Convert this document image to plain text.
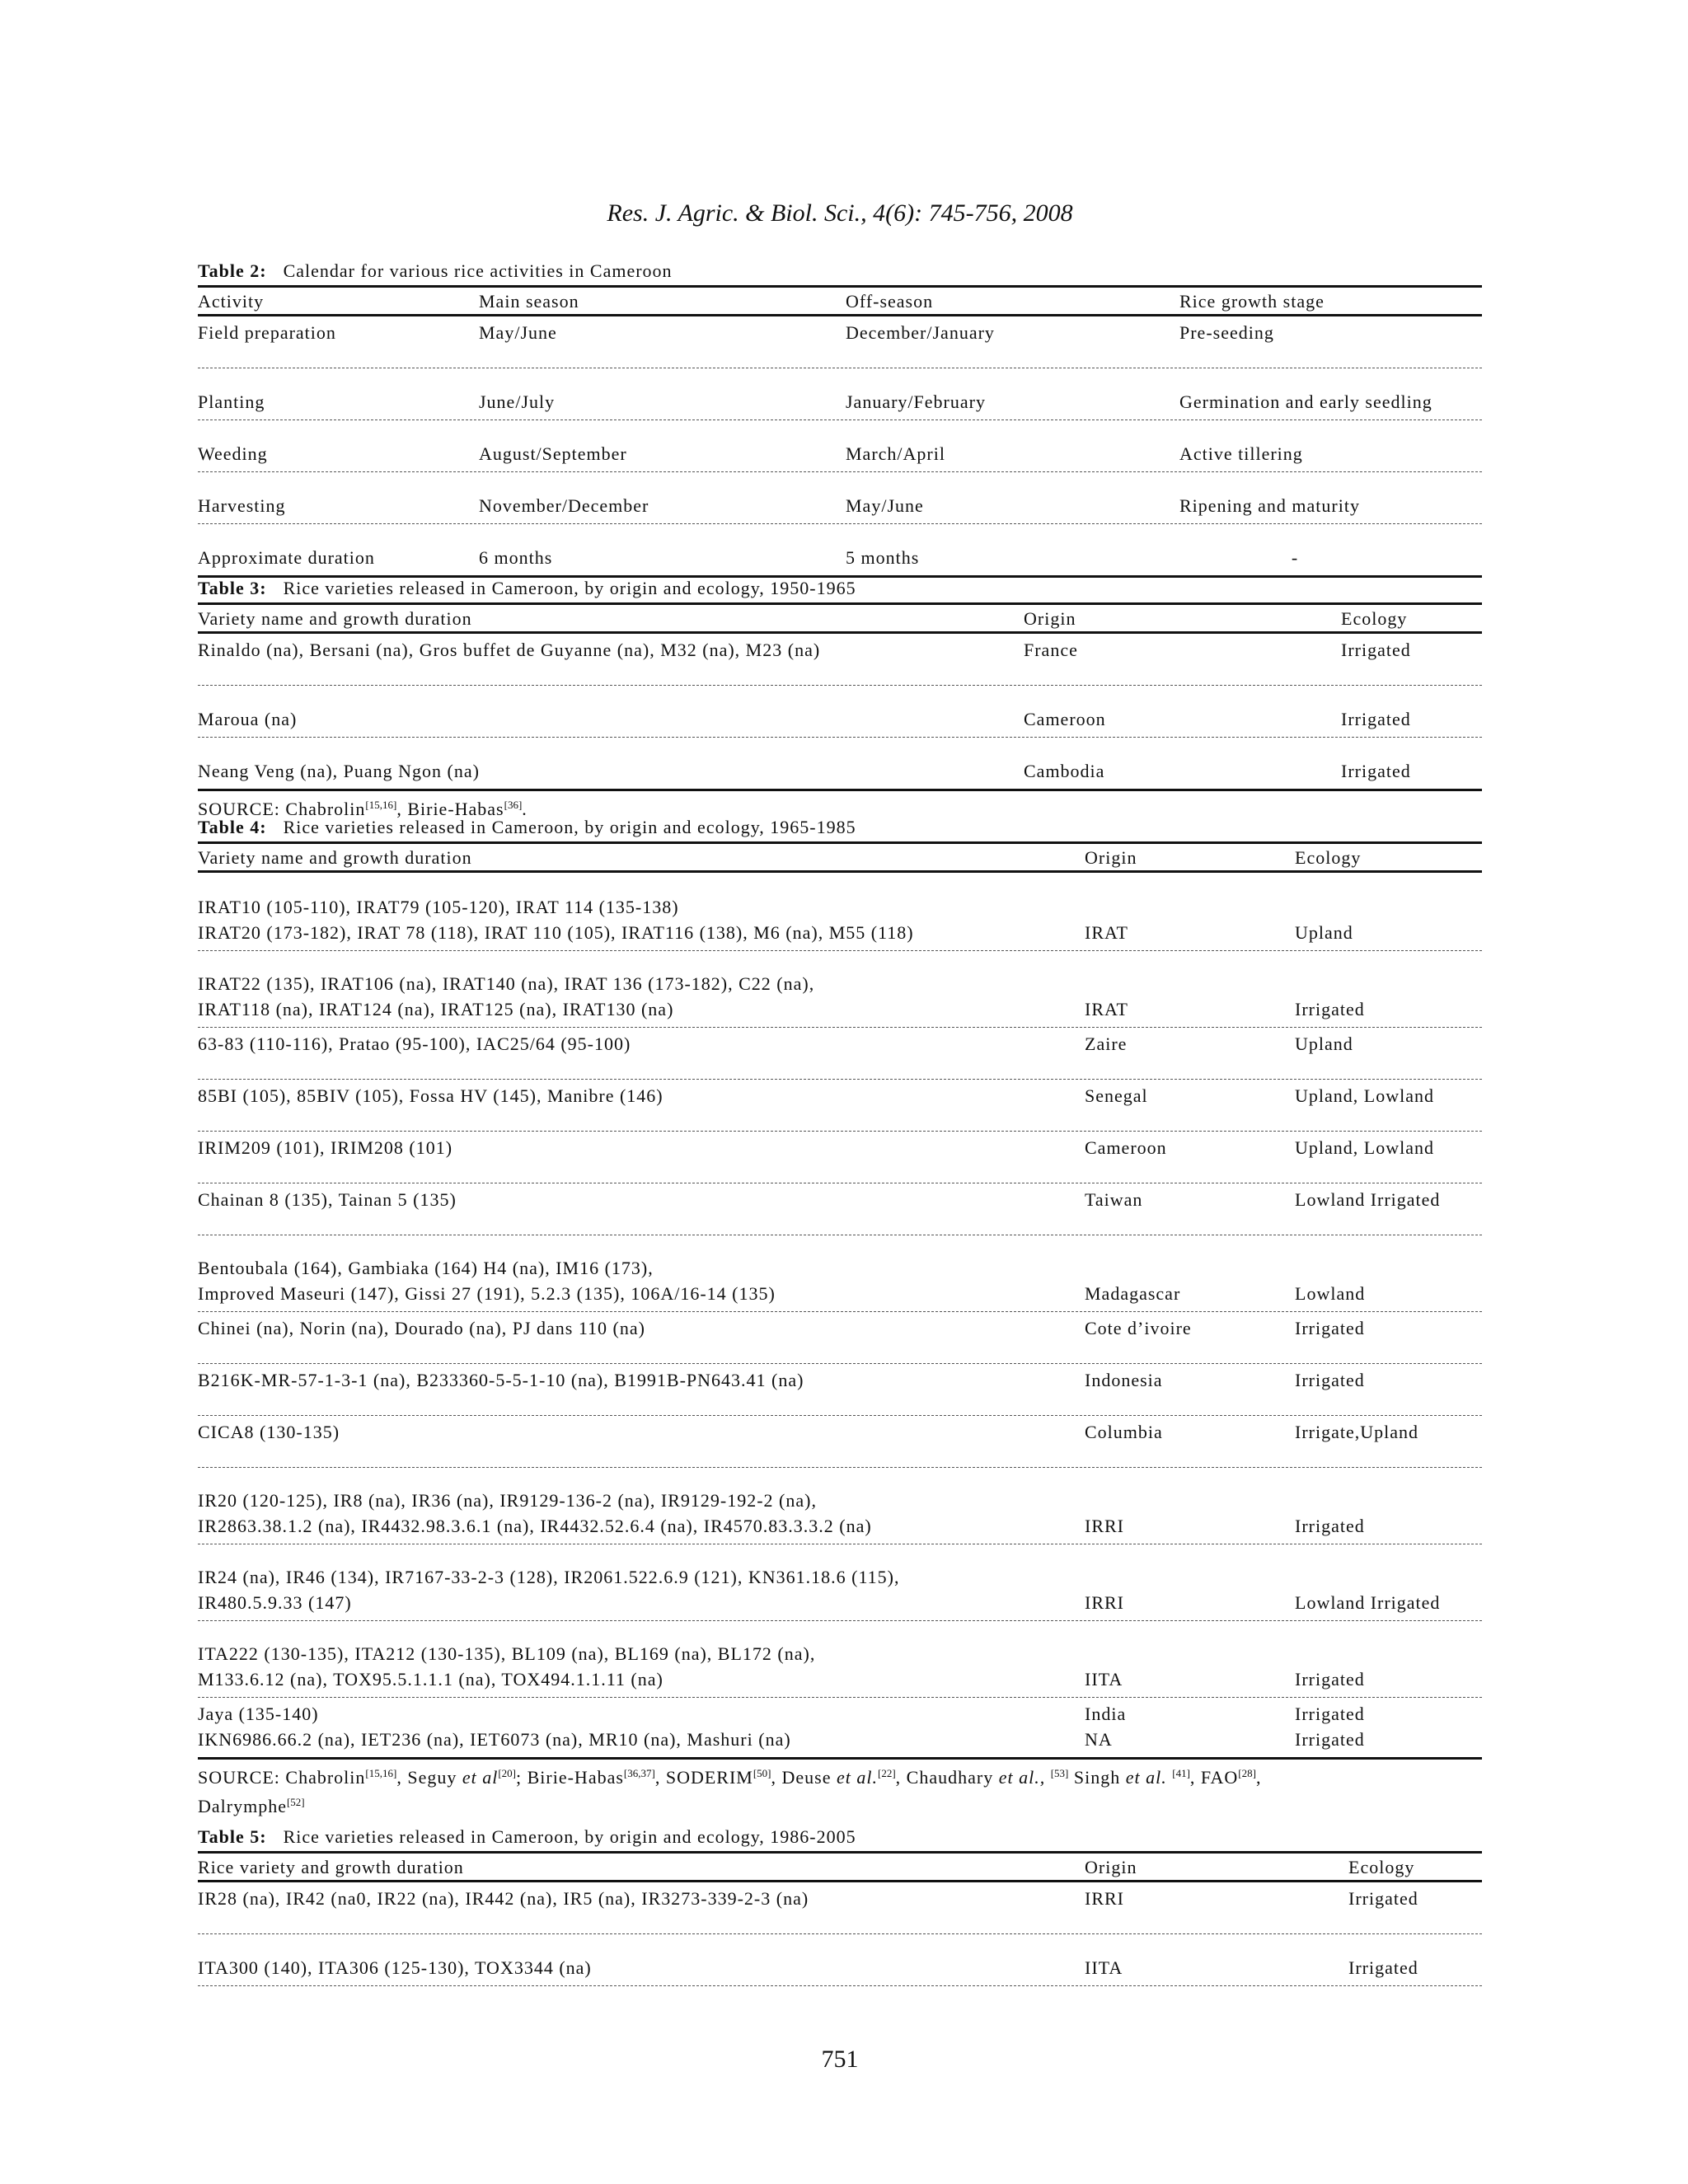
Res. J. Agric. & Biol. Sci., 4(6): 745-756, 2008
Table 2: Calendar for various rice activities in Cameroon
Activity	Main season	Off-season	Rice growth stage
Field preparation	May/June	December/January	Pre-seeding
Planting	June/July	January/February	Germination and early seedling
Weeding	August/September	March/April	Active tillering
Harvesting	November/December	May/June	Ripening and maturity
Approximate duration	6 months	5 months	-
Table 3: Rice varieties released in Cameroon, by origin and ecology, 1950-1965
Variety name and growth duration	Origin	Ecology
Rinaldo (na), Bersani (na), Gros buffet de Guyanne (na), M32 (na), M23 (na)	France	Irrigated
Maroua (na)	Cameroon	Irrigated
Neang Veng (na), Puang Ngon (na)	Cambodia	Irrigated
SOURCE: Chabrolin[15,16], Birie-Habas[36].
Table 4: Rice varieties released in Cameroon, by origin and ecology, 1965-1985
Variety name and growth duration	Origin	Ecology
IRAT10 (105-110), IRAT79 (105-120), IRAT 114 (135-138)
IRAT20 (173-182), IRAT 78 (118), IRAT 110 (105), IRAT116 (138), M6 (na), M55 (118)	IRAT	Upland
IRAT22 (135), IRAT106 (na), IRAT140 (na), IRAT 136 (173-182), C22 (na),
IRAT118 (na), IRAT124 (na), IRAT125 (na), IRAT130 (na)	IRAT	Irrigated
63-83 (110-116), Pratao (95-100), IAC25/64 (95-100)	Zaire	Upland
85BI (105), 85BIV (105), Fossa HV (145), Manibre (146)	Senegal	Upland, Lowland
IRIM209 (101), IRIM208 (101)	Cameroon	Upland, Lowland
Chainan 8 (135), Tainan 5 (135)	Taiwan	Lowland Irrigated
Bentoubala (164), Gambiaka (164) H4 (na), IM16 (173),
Improved Maseuri (147), Gissi 27 (191), 5.2.3 (135), 106A/16-14 (135)	Madagascar	Lowland
Chinei (na), Norin (na), Dourado (na), PJ dans 110 (na)	Cote d’ivoire	Irrigated
B216K-MR-57-1-3-1 (na), B233360-5-5-1-10 (na), B1991B-PN643.41 (na)	Indonesia	Irrigated
CICA8 (130-135)	Columbia	Irrigate,Upland
IR20 (120-125), IR8 (na), IR36 (na), IR9129-136-2 (na), IR9129-192-2 (na),
IR2863.38.1.2 (na), IR4432.98.3.6.1 (na), IR4432.52.6.4 (na), IR4570.83.3.3.2 (na)	IRRI	Irrigated
IR24 (na), IR46 (134), IR7167-33-2-3 (128), IR2061.522.6.9 (121), KN361.18.6 (115),
IR480.5.9.33 (147)	IRRI	Lowland Irrigated
ITA222 (130-135), ITA212 (130-135), BL109 (na), BL169 (na), BL172 (na),
M133.6.12 (na), TOX95.5.1.1.1 (na), TOX494.1.1.11 (na)	IITA	Irrigated
Jaya (135-140)	India	Irrigated
IKN6986.66.2 (na), IET236 (na), IET6073 (na), MR10 (na), Mashuri (na)	NA	Irrigated
SOURCE: Chabrolin[15,16], Seguy et al[20]; Birie-Habas[36,37], SODERIM[50], Deuse et al.[22], Chaudhary et al., [53] Singh et al. [41], FAO[28],
Dalrymphe[52]
Table 5: Rice varieties released in Cameroon, by origin and ecology, 1986-2005
Rice variety and growth duration	Origin	Ecology
IR28 (na), IR42 (na0, IR22 (na), IR442 (na), IR5 (na), IR3273-339-2-3 (na)	IRRI	Irrigated
ITA300 (140), ITA306 (125-130), TOX3344 (na)	IITA	Irrigated
751
